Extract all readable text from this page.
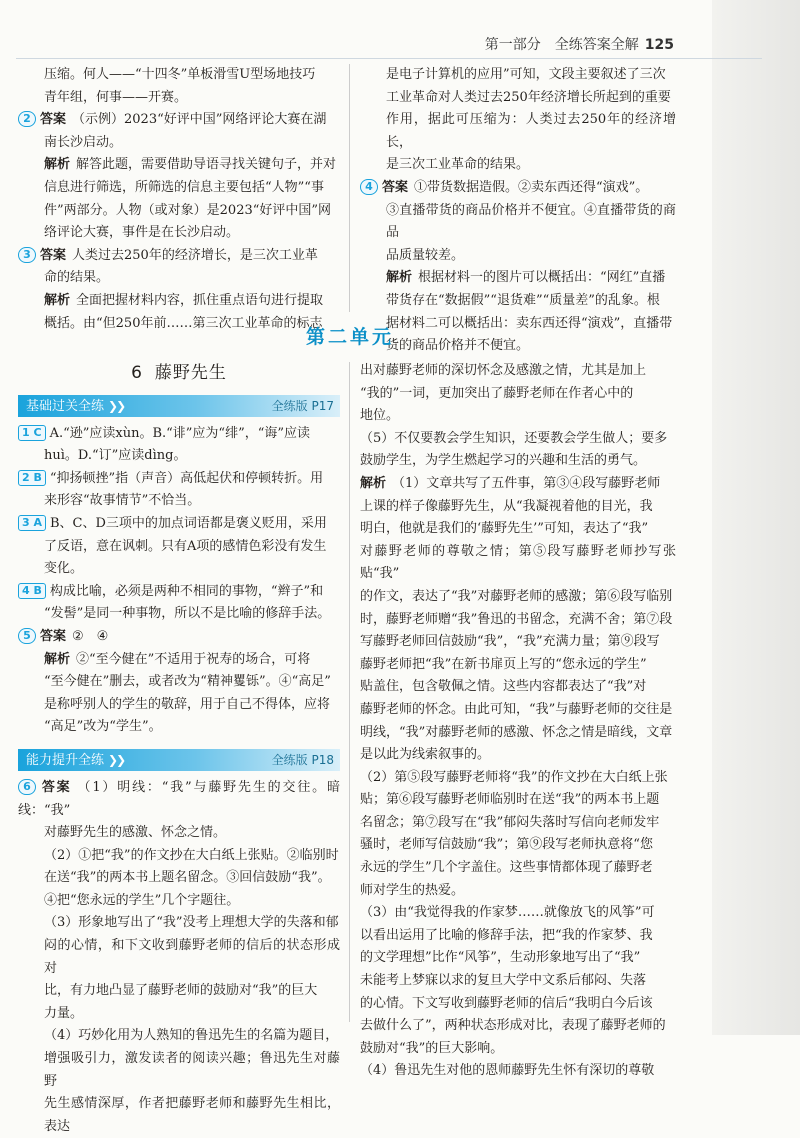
第一部分　全练答案全解 125

压缩。何人——“十四冬”单板滑雪U型场地技巧

青年组，何事——开赛。

2 答案 （示例）2023“好评中国”网络评论大赛在湖

南长沙启动。

解析 解答此题，需要借助导语寻找关键句子，并对

信息进行筛选，所筛选的信息主要包括“人物”“事

件”两部分。人物（或对象）是2023“好评中国”网

络评论大赛，事件是在长沙启动。

3 答案 人类过去250年的经济增长，是三次工业革

命的结果。

解析 全面把握材料内容，抓住重点语句进行提取

概括。由“但250年前……第三次工业革命的标志

是电子计算机的应用”可知，文段主要叙述了三次

工业革命对人类过去250年经济增长所起到的重要

作用，据此可压缩为：人类过去250年的经济增长，

是三次工业革命的结果。

4 答案 ①带货数据造假。②卖东西还得“演戏”。

③直播带货的商品价格并不便宜。④直播带货的商品

品质量较差。

解析 根据材料一的图片可以概括出：“网红”直播

带货存在“数据假”“退货难”“质量差”的乱象。根

据材料二可以概括出：卖东西还得“演戏”，直播带

货的商品价格并不便宜。

第二单元
6 藤野先生
基础过关全练 ❯❯	全练版 P17

1 C A.“逊”应读xùn。B.“诽”应为“绯”，“诲”应读

huì。D.“订”应读dìng。

2 B “抑扬顿挫”指（声音）高低起伏和停顿转折。用

来形容“故事情节”不恰当。

3 A B、C、D三项中的加点词语都是褒义贬用，采用

了反语，意在讽刺。只有A项的感情色彩没有发生

变化。

4 B 构成比喻，必须是两种不相同的事物，“辫子”和

“发髻”是同一种事物，所以不是比喻的修辞手法。

5 答案 ②　④

解析 ②“至今健在”不适用于祝寿的场合，可将

“至今健在”删去，或者改为“精神矍铄”。④“高足”

是称呼别人的学生的敬辞，用于自己不得体，应将

“高足”改为“学生”。

能力提升全练 ❯❯	全练版 P18

6 答案 （1）明线：“我”与藤野先生的交往。暗线：“我”

对藤野先生的感激、怀念之情。

（2）①把“我”的作文抄在大白纸上张贴。②临别时

在送“我”的两本书上题名留念。③回信鼓励“我”。

④把“您永远的学生”几个字题往。

（3）形象地写出了“我”没考上理想大学的失落和郁

闷的心情，和下文收到藤野老师的信后的状态形成对

比，有力地凸显了藤野老师的鼓励对“我”的巨大

力量。

（4）巧妙化用为人熟知的鲁迅先生的名篇为题目，

增强吸引力，激发读者的阅读兴趣；鲁迅先生对藤野

先生感情深厚，作者把藤野老师和藤野先生相比，表达

出对藤野老师的深切怀念及感激之情，尤其是加上

“我的”一词，更加突出了藤野老师在作者心中的

地位。

（5）不仅要教会学生知识，还要教会学生做人；要多

鼓励学生，为学生燃起学习的兴趣和生活的勇气。

解析 （1）文章共写了五件事，第③④段写藤野老师

上课的样子像藤野先生，从“我凝视着他的目光，我

明白，他就是我们的‘藤野先生’”可知，表达了“我”

对藤野老师的尊敬之情；第⑤段写藤野老师抄写张贴“我”

的作文，表达了“我”对藤野老师的感激；第⑥段写临别

时，藤野老师赠“我”鲁迅的书留念，充满不舍；第⑦段

写藤野老师回信鼓励“我”，“我”充满力量；第⑨段写

藤野老师把“我”在新书扉页上写的“您永远的学生”

贴盖住，包含敬佩之情。这些内容都表达了“我”对

藤野老师的怀念。由此可知，“我”与藤野老师的交往是

明线，“我”对藤野老师的感激、怀念之情是暗线，文章

是以此为线索叙事的。

（2）第⑤段写藤野老师将“我”的作文抄在大白纸上张

贴；第⑥段写藤野老师临别时在送“我”的两本书上题

名留念；第⑦段写在“我”郁闷失落时写信向老师发牢

骚时，老师写信鼓励“我”；第⑨段写老师执意将“您

永远的学生”几个字盖住。这些事情都体现了藤野老

师对学生的热爱。

（3）由“我觉得我的作家梦……就像放飞的风筝”可

以看出运用了比喻的修辞手法，把“我的作家梦、我

的文学理想”比作“风筝”，生动形象地写出了“我”

未能考上梦寐以求的复旦大学中文系后郁闷、失落

的心情。下文写收到藤野老师的信后“我明白今后该

去做什么了”，两种状态形成对比，表现了藤野老师的

鼓励对“我”的巨大影响。

（4）鲁迅先生对他的恩师藤野先生怀有深切的尊敬
